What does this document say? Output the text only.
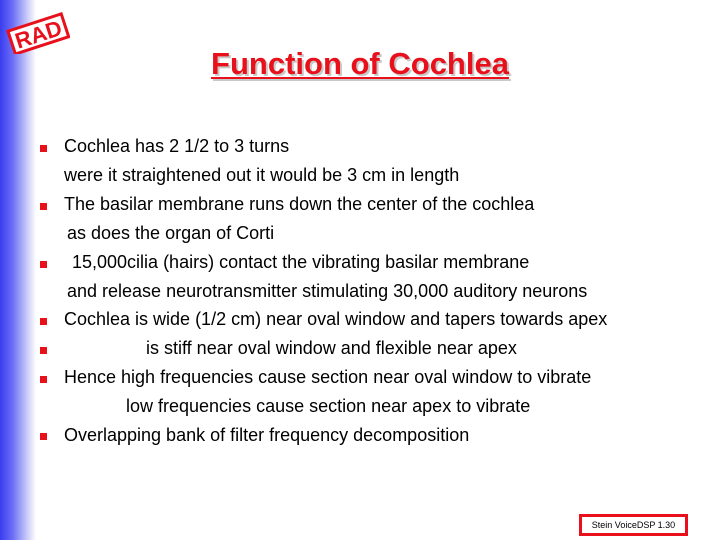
RAD
Function of Cochlea
Cochlea has 2 1/2 to 3 turns
were it straightened out it would be 3 cm in length
The basilar membrane runs down the center of the cochlea
as does the organ of Corti
15,000cilia (hairs) contact the vibrating basilar membrane
and release neurotransmitter stimulating 30,000 auditory neurons
Cochlea is wide (1/2 cm) near oval window and tapers towards apex
is stiff near oval window and flexible near apex
Hence high frequencies cause section near oval window to vibrate
low frequencies cause section near apex to vibrate
Overlapping bank of filter frequency decomposition
Stein VoiceDSP 1.30
